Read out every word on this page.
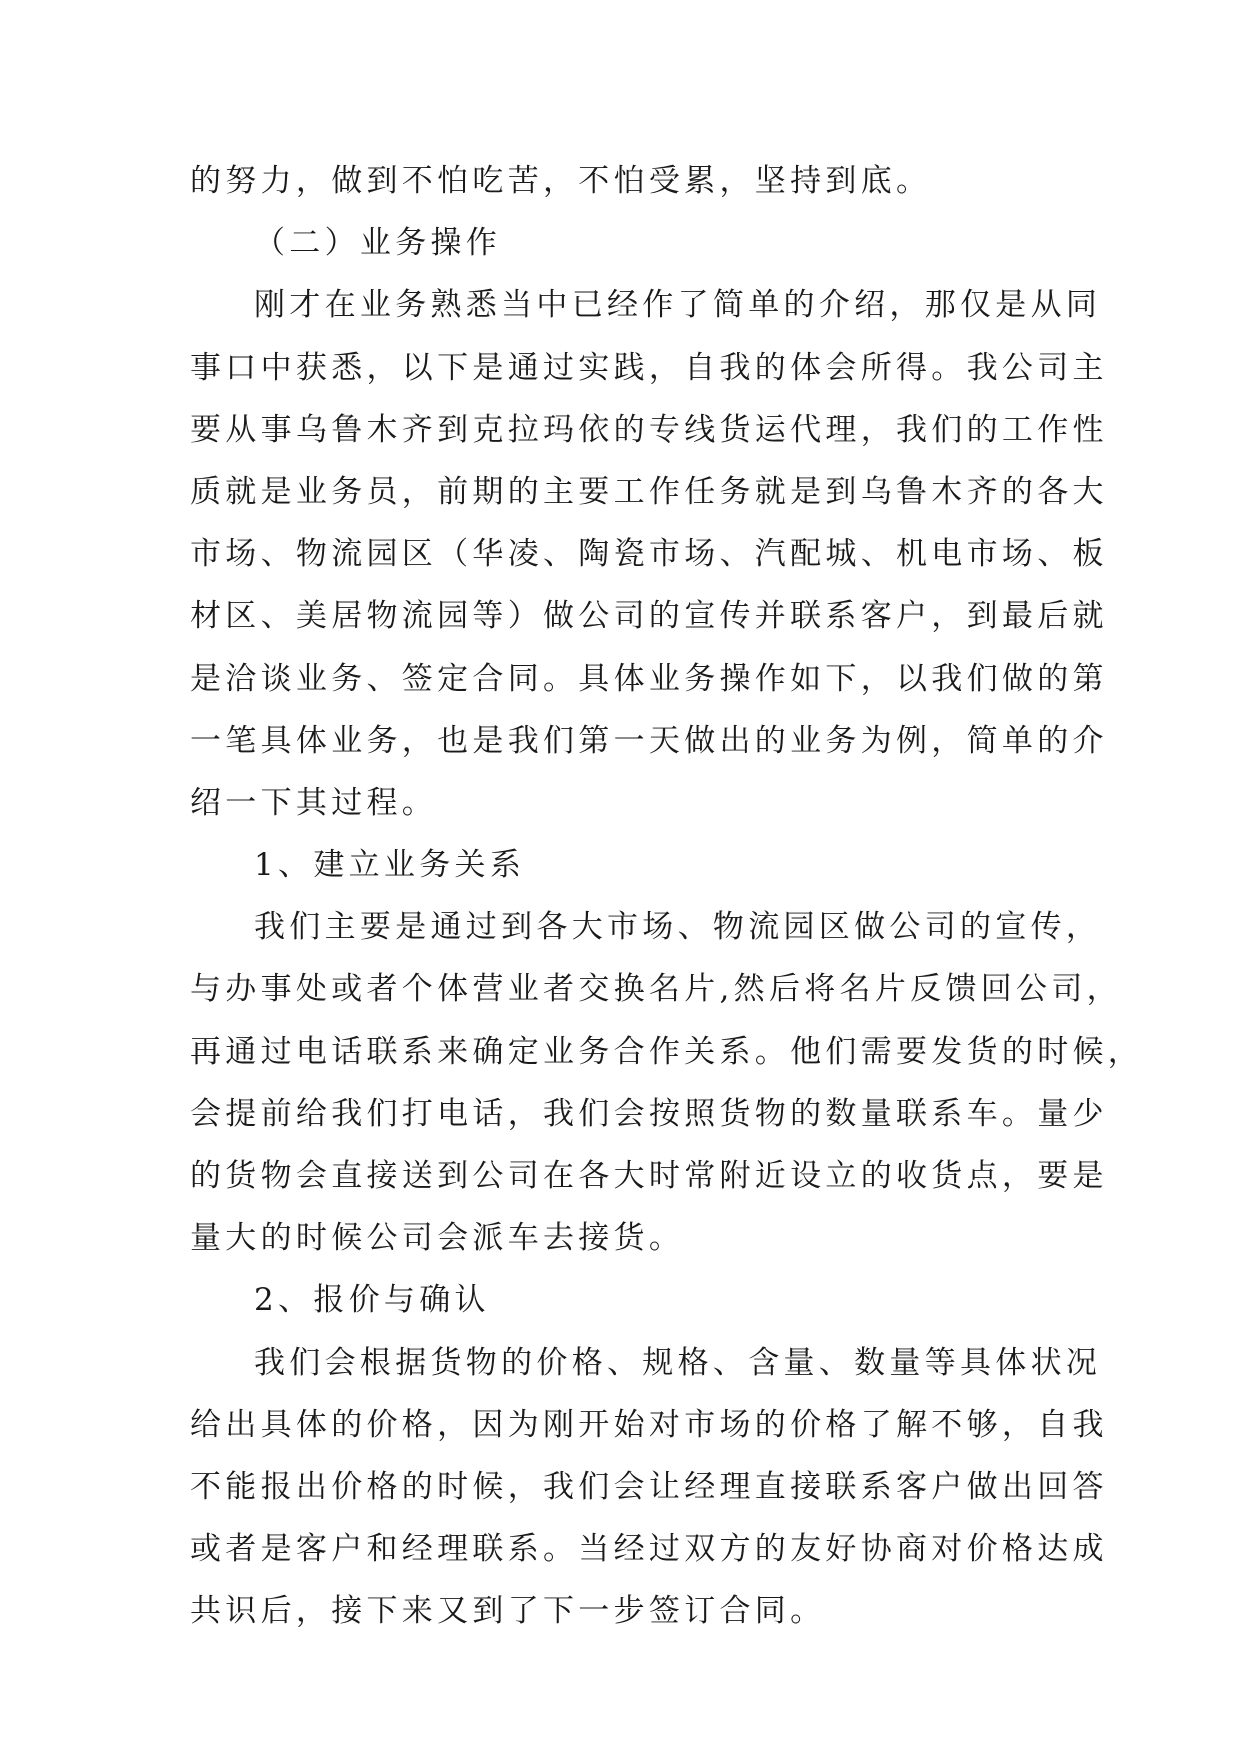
的努力，做到不怕吃苦，不怕受累，坚持到底。
（二）业务操作
刚才在业务熟悉当中已经作了简单的介绍，那仅是从同
事口中获悉，以下是通过实践，自我的体会所得。我公司主
要从事乌鲁木齐到克拉玛依的专线货运代理，我们的工作性
质就是业务员，前期的主要工作任务就是到乌鲁木齐的各大
市场、物流园区（华凌、陶瓷市场、汽配城、机电市场、板
材区、美居物流园等）做公司的宣传并联系客户，到最后就
是洽谈业务、签定合同。具体业务操作如下，以我们做的第
一笔具体业务，也是我们第一天做出的业务为例，简单的介
绍一下其过程。
1、建立业务关系
我们主要是通过到各大市场、物流园区做公司的宣传，
与办事处或者个体营业者交换名片,然后将名片反馈回公司，
再通过电话联系来确定业务合作关系。他们需要发货的时候，
会提前给我们打电话，我们会按照货物的数量联系车。量少
的货物会直接送到公司在各大时常附近设立的收货点，要是
量大的时候公司会派车去接货。
2、报价与确认
我们会根据货物的价格、规格、含量、数量等具体状况
给出具体的价格，因为刚开始对市场的价格了解不够，自我
不能报出价格的时候，我们会让经理直接联系客户做出回答
或者是客户和经理联系。当经过双方的友好协商对价格达成
共识后，接下来又到了下一步签订合同。
